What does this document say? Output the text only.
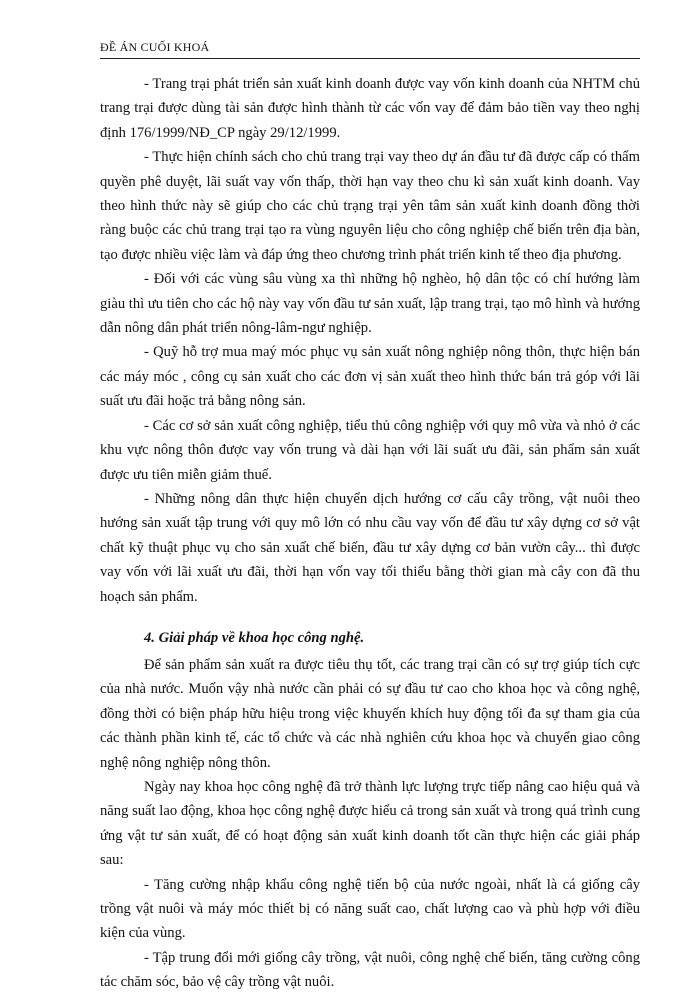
ĐỀ ÁN CUỐI KHOÁ

- Trang trại phát triển sản xuất kinh doanh được vay vốn kinh doanh của NHTM chủ trang trại được dùng tài sản được hình thành từ các vốn vay để đảm bảo tiền vay theo nghị định 176/1999/NĐ_CP ngày 29/12/1999.

- Thực hiện chính sách cho chủ trang trại vay theo dự án đầu tư đã được cấp có thẩm quyền phê duyệt, lãi suất vay vốn thấp, thời hạn vay theo chu kì sản xuất kinh doanh. Vay theo hình thức này sẽ giúp cho các chủ trạng trại yên tâm sản xuất kinh doanh đồng thời ràng buộc các chủ trang trại tạo ra vùng nguyên liệu cho công nghiệp chế biến trên địa bàn, tạo được nhiều việc làm và đáp ứng theo chương trình phát triển kinh tế theo địa phương.

- Đối với các vùng sâu vùng xa thì những hộ nghèo, hộ dân tộc có chí hướng làm giàu thì ưu tiên cho các hộ này vay vốn đầu tư sản xuất, lập trang trại, tạo mô hình và hướng dẫn nông dân phát triển nông-lâm-ngư nghiệp.

- Quỹ hỗ trợ mua maý móc phục vụ sản xuất nông nghiệp nông thôn, thực hiện bán các máy móc , công cụ sản xuất cho các đơn vị sản xuất theo hình thức bán trả góp với lãi suất ưu đãi hoặc trả bằng nông sản.

- Các cơ sở sản xuất công nghiệp, tiểu thủ công nghiệp với quy mô vừa và nhỏ ở các khu vực nông thôn được vay vốn trung và dài hạn với lãi suất ưu đãi, sản phẩm sản xuất được ưu tiên miễn giảm thuế.

- Những nông dân thực hiện chuyển dịch hướng cơ cấu cây trồng, vật nuôi theo hướng sản xuất tập trung với quy mô lớn có nhu cầu vay vốn để đầu tư xây dựng cơ sở vật chất kỹ thuật phục vụ cho sản xuất chế biến, đầu tư xây dựng cơ bản vườn cây... thì được vay vốn với lãi xuất ưu đãi, thời hạn vốn vay tối thiểu bằng thời gian mà cây con đã thu hoạch sản phẩm.

4. Giải pháp về khoa học công nghệ.

Để sản phẩm sản xuất ra được tiêu thụ tốt, các trang trại cần có sự trợ giúp tích cực của nhà nước. Muốn vậy nhà nước cần phải có sự đầu tư cao cho khoa học và công nghệ, đồng thời có biện pháp hữu hiệu trong việc khuyến khích huy động tối đa sự tham gia của các thành phần kinh tế, các tổ chức và các nhà nghiên cứu khoa học và chuyển giao công nghệ nông nghiệp nông thôn.

Ngày nay khoa học công nghệ đã trở thành lực lượng trực tiếp nâng cao hiệu quả và năng suất lao động, khoa học công nghệ được hiểu cả trong sản xuất và trong quá trình cung ứng vật tư sản xuất, để có hoạt động sản xuất kinh doanh tốt cần thực hiện các giải pháp sau:

- Tăng cường nhập khẩu công nghệ tiến bộ của nước ngoài, nhất là cá giống cây trồng vật nuôi và máy móc thiết bị có năng suất cao, chất lượng cao và phù hợp với điều kiện của vùng.

- Tập trung đổi mới giống cây trồng, vật nuôi, công nghệ chế biến, tăng cường công tác chăm sóc, bảo vệ cây trồng vật nuôi.
